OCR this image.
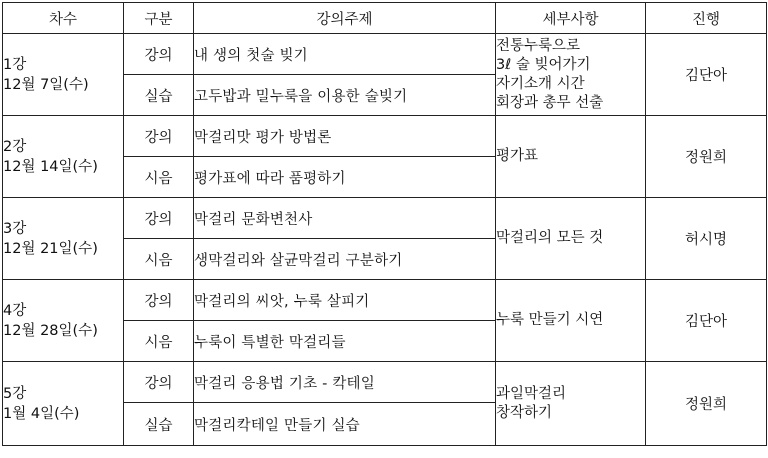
차수	구분	강의주제	세부사항	진행

1강
12월 7일(수)	강의	내 생의 첫술 빚기	전통누룩으로
3ℓ 술 빚어가기
자기소개 시간
회장과 총무 선출	김단아
	실습	고두밥과 밀누룩을 이용한 술빚기		

2강
12월 14일(수)	강의	막걸리맛 평가 방법론	평가표	정원희
	시음	평가표에 따라 품평하기		

3강
12월 21일(수)	강의	막걸리 문화변천사	막걸리의 모든 것	허시명
	시음	생막걸리와 살균막걸리 구분하기		

4강
12월 28일(수)	강의	막걸리의 씨앗, 누룩 살피기	누룩 만들기 시연	김단아
	시음	누룩이 특별한 막걸리들		

5강
1월 4일(수)	강의	막걸리 응용법 기초 - 칵테일	과일막걸리
창작하기	정원희
	실습	막걸리칵테일 만들기 실습		
